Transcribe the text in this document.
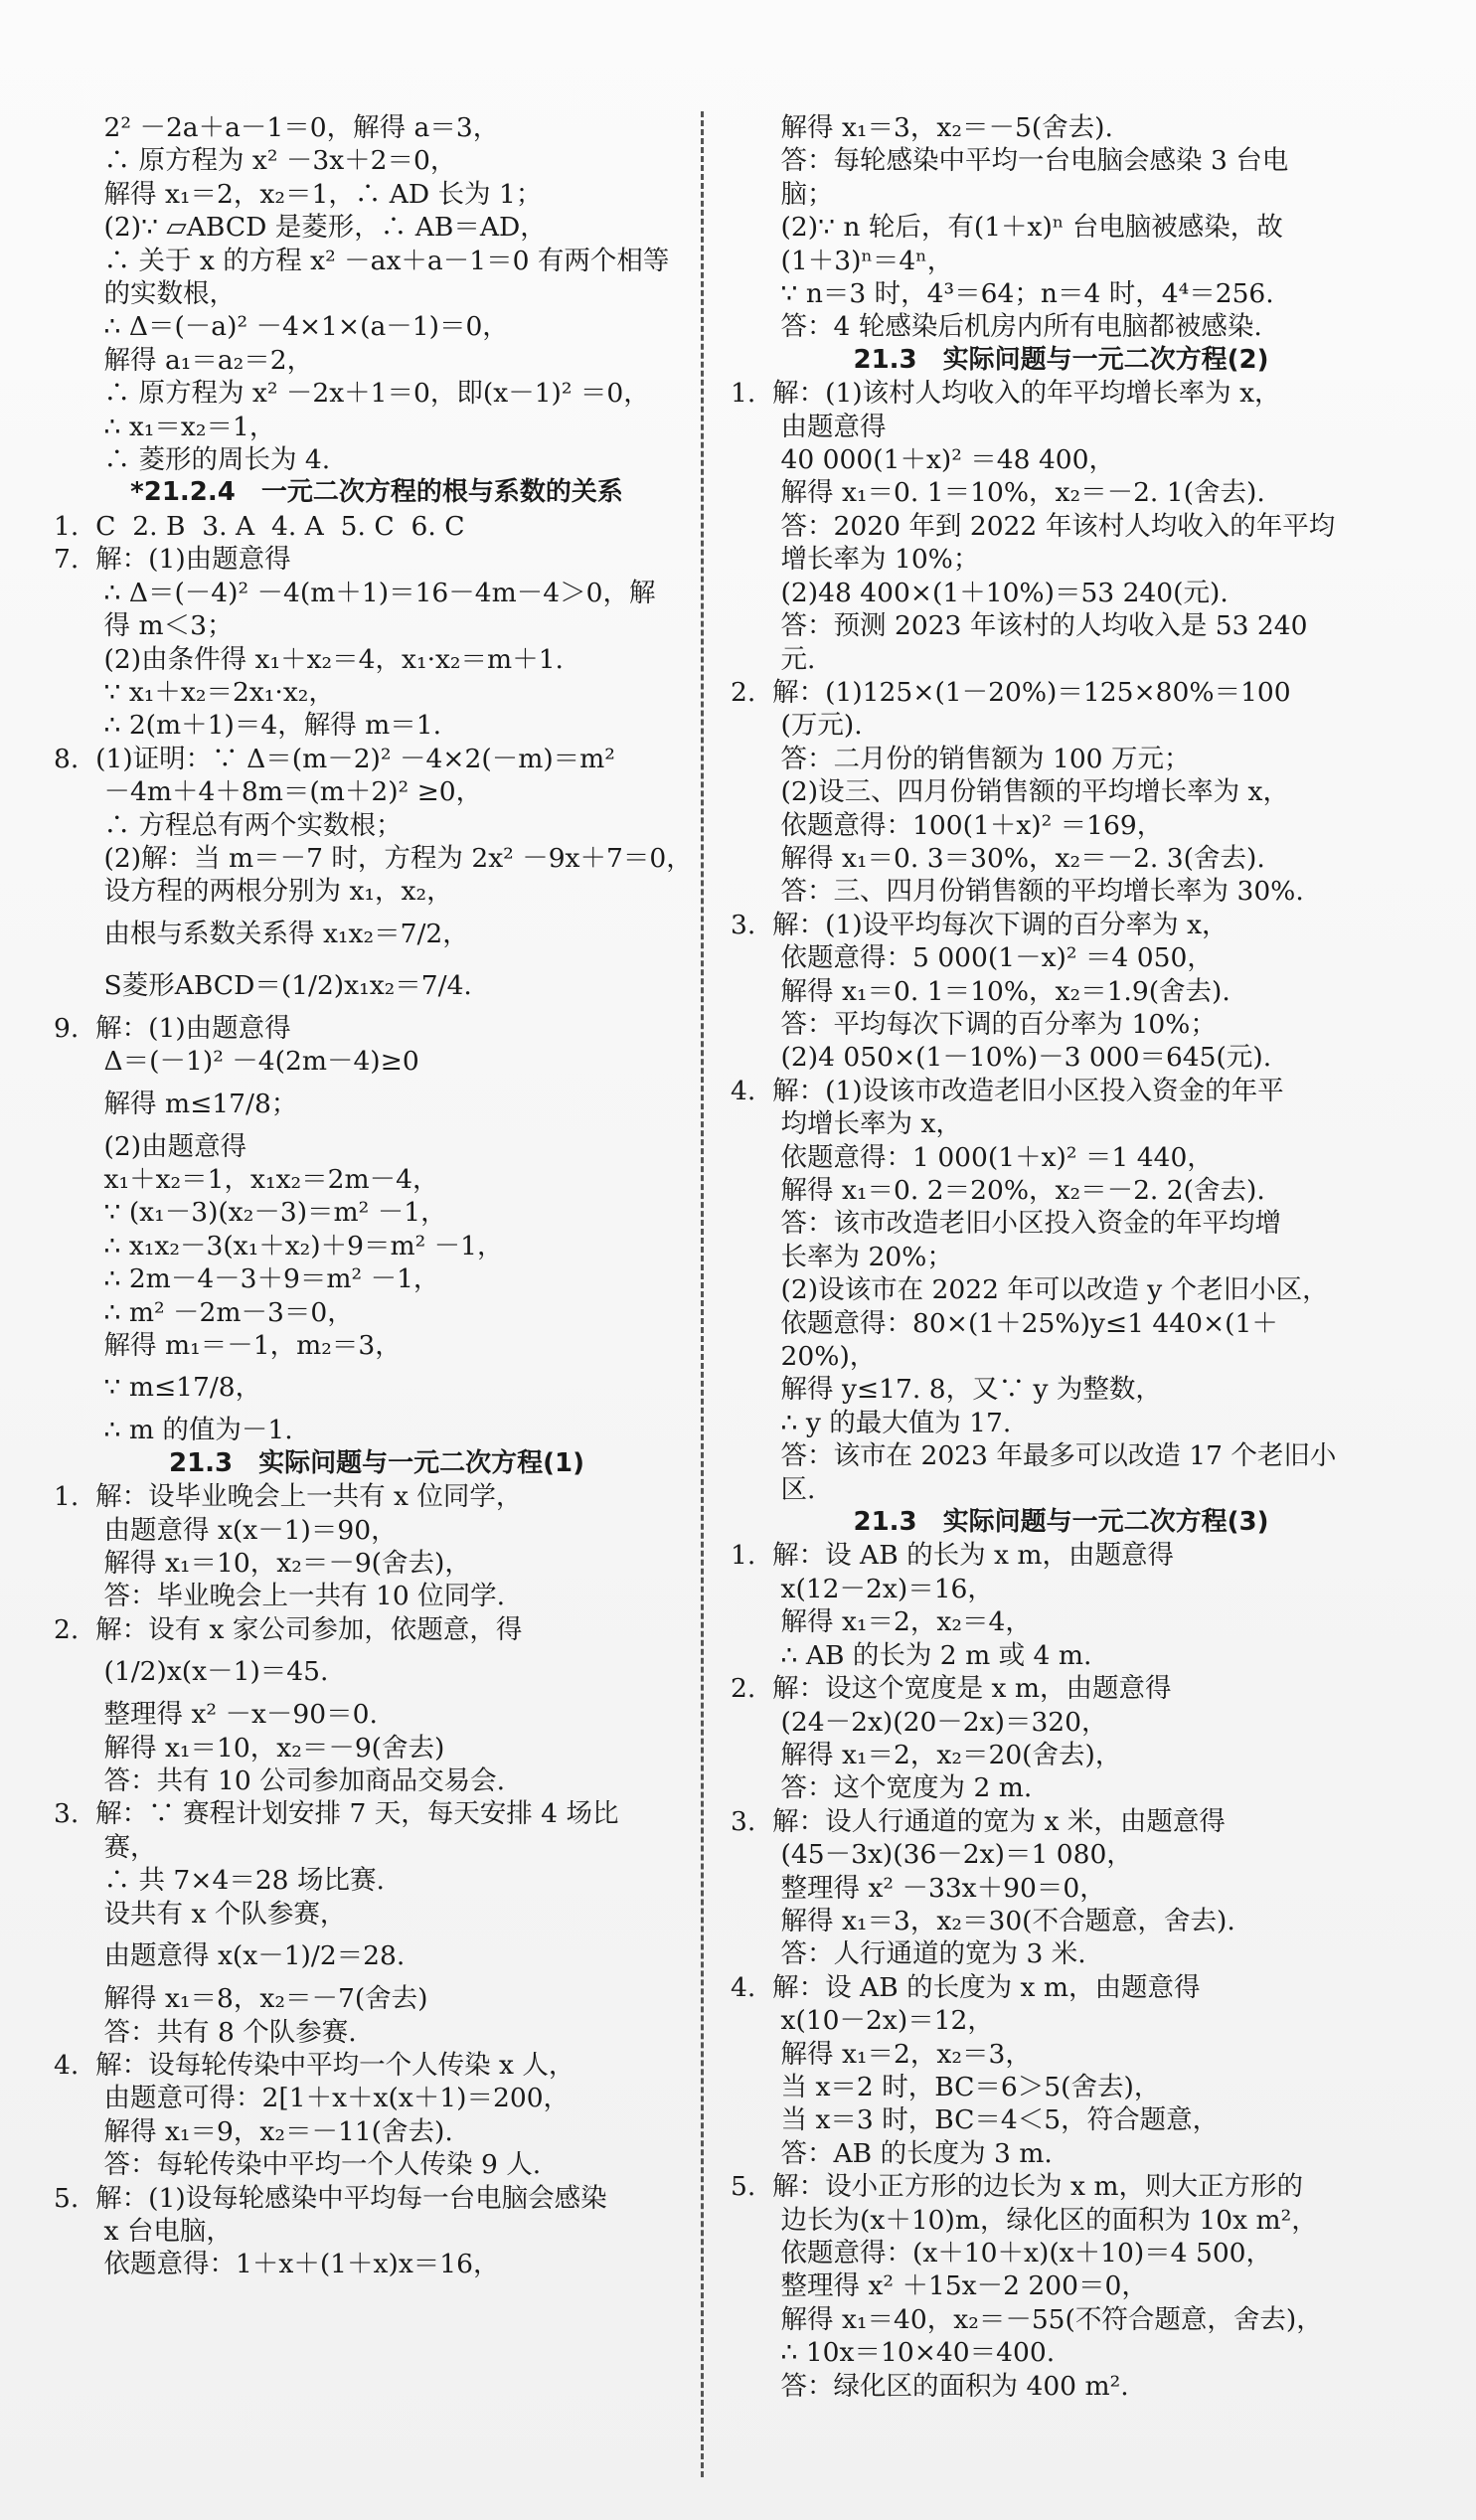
2² －2a＋a－1＝0，解得 a＝3，
∴ 原方程为 x² －3x＋2＝0，
解得 x₁＝2，x₂＝1，∴ AD 长为 1；
(2)∵ ▱ABCD 是菱形，∴ AB＝AD，
∴ 关于 x 的方程 x² －ax＋a－1＝0 有两个相等
的实数根，
∴ Δ＝(－a)² －4×1×(a－1)＝0，
解得 a₁＝a₂＝2，
∴ 原方程为 x² －2x＋1＝0，即(x－1)² ＝0，
∴ x₁＝x₂＝1，
∴ 菱形的周长为 4.
*21.2.4　一元二次方程的根与系数的关系
1.  C  2. B  3. A  4. A  5. C  6. C
7.  解：(1)由题意得
∴ Δ＝(－4)² －4(m＋1)＝16－4m－4＞0，解
得 m＜3；
(2)由条件得 x₁＋x₂＝4，x₁·x₂＝m＋1.
∵ x₁＋x₂＝2x₁·x₂，
∴ 2(m＋1)＝4，解得 m＝1.
8.  (1)证明：∵ Δ＝(m－2)² －4×2(－m)＝m²
－4m＋4＋8m＝(m＋2)² ≥0，
∴ 方程总有两个实数根；
(2)解：当 m＝－7 时，方程为 2x² －9x＋7＝0，
设方程的两根分别为 x₁，x₂，
由根与系数关系得 x₁x₂＝7/2，
S菱形ABCD＝(1/2)x₁x₂＝7/4.
9.  解：(1)由题意得
Δ＝(－1)² －4(2m－4)≥0
解得 m≤17/8；
(2)由题意得
x₁＋x₂＝1，x₁x₂＝2m－4，
∵ (x₁－3)(x₂－3)＝m² －1，
∴ x₁x₂－3(x₁＋x₂)＋9＝m² －1，
∴ 2m－4－3＋9＝m² －1，
∴ m² －2m－3＝0，
解得 m₁＝－1，m₂＝3，
∵ m≤17/8，
∴ m 的值为－1.
21.3　实际问题与一元二次方程(1)
1.  解：设毕业晚会上一共有 x 位同学，
由题意得 x(x－1)＝90，
解得 x₁＝10，x₂＝－9(舍去)，
答：毕业晚会上一共有 10 位同学.
2.  解：设有 x 家公司参加，依题意，得
(1/2)x(x－1)＝45.
整理得 x² －x－90＝0.
解得 x₁＝10，x₂＝－9(舍去)
答：共有 10 公司参加商品交易会.
3.  解：∵ 赛程计划安排 7 天，每天安排 4 场比
赛，
∴ 共 7×4＝28 场比赛.
设共有 x 个队参赛，
由题意得 x(x－1)/2＝28.
解得 x₁＝8，x₂＝－7(舍去)
答：共有 8 个队参赛.
4.  解：设每轮传染中平均一个人传染 x 人，
由题意可得：2[1＋x＋x(x＋1)＝200，
解得 x₁＝9，x₂＝－11(舍去).
答：每轮传染中平均一个人传染 9 人.
5.  解：(1)设每轮感染中平均每一台电脑会感染
x 台电脑，
依题意得：1＋x＋(1＋x)x＝16，
解得 x₁＝3，x₂＝－5(舍去).
答：每轮感染中平均一台电脑会感染 3 台电
脑；
(2)∵ n 轮后，有(1＋x)ⁿ 台电脑被感染，故
(1＋3)ⁿ＝4ⁿ，
∵ n＝3 时，4³＝64；n＝4 时，4⁴＝256.
答：4 轮感染后机房内所有电脑都被感染.
21.3　实际问题与一元二次方程(2)
1.  解：(1)该村人均收入的年平均增长率为 x，
由题意得
40 000(1＋x)² ＝48 400，
解得 x₁＝0. 1＝10%，x₂＝－2. 1(舍去).
答：2020 年到 2022 年该村人均收入的年平均
增长率为 10%；
(2)48 400×(1＋10%)＝53 240(元).
答：预测 2023 年该村的人均收入是 53 240
元.
2.  解：(1)125×(1－20%)＝125×80%＝100
(万元).
答：二月份的销售额为 100 万元；
(2)设三、四月份销售额的平均增长率为 x，
依题意得：100(1＋x)² ＝169，
解得 x₁＝0. 3＝30%，x₂＝－2. 3(舍去).
答：三、四月份销售额的平均增长率为 30%.
3.  解：(1)设平均每次下调的百分率为 x，
依题意得：5 000(1－x)² ＝4 050，
解得 x₁＝0. 1＝10%，x₂＝1.9(舍去).
答：平均每次下调的百分率为 10%；
(2)4 050×(1－10%)－3 000＝645(元).
4.  解：(1)设该市改造老旧小区投入资金的年平
均增长率为 x，
依题意得：1 000(1＋x)² ＝1 440，
解得 x₁＝0. 2＝20%，x₂＝－2. 2(舍去).
答：该市改造老旧小区投入资金的年平均增
长率为 20%；
(2)设该市在 2022 年可以改造 y 个老旧小区，
依题意得：80×(1＋25%)y≤1 440×(1＋
20%)，
解得 y≤17. 8，又∵ y 为整数，
∴ y 的最大值为 17.
答：该市在 2023 年最多可以改造 17 个老旧小
区.
21.3　实际问题与一元二次方程(3)
1.  解：设 AB 的长为 x m，由题意得
x(12－2x)＝16，
解得 x₁＝2，x₂＝4，
∴ AB 的长为 2 m 或 4 m.
2.  解：设这个宽度是 x m，由题意得
(24－2x)(20－2x)＝320，
解得 x₁＝2，x₂＝20(舍去)，
答：这个宽度为 2 m.
3.  解：设人行通道的宽为 x 米，由题意得
(45－3x)(36－2x)＝1 080，
整理得 x² －33x＋90＝0，
解得 x₁＝3，x₂＝30(不合题意，舍去).
答：人行通道的宽为 3 米.
4.  解：设 AB 的长度为 x m，由题意得
x(10－2x)＝12，
解得 x₁＝2，x₂＝3，
当 x＝2 时，BC＝6＞5(舍去)，
当 x＝3 时，BC＝4＜5，符合题意，
答：AB 的长度为 3 m.
5.  解：设小正方形的边长为 x m，则大正方形的
边长为(x＋10)m，绿化区的面积为 10x m²，
依题意得：(x＋10＋x)(x＋10)＝4 500，
整理得 x² ＋15x－2 200＝0，
解得 x₁＝40，x₂＝－55(不符合题意，舍去)，
∴ 10x＝10×40＝400.
答：绿化区的面积为 400 m².
